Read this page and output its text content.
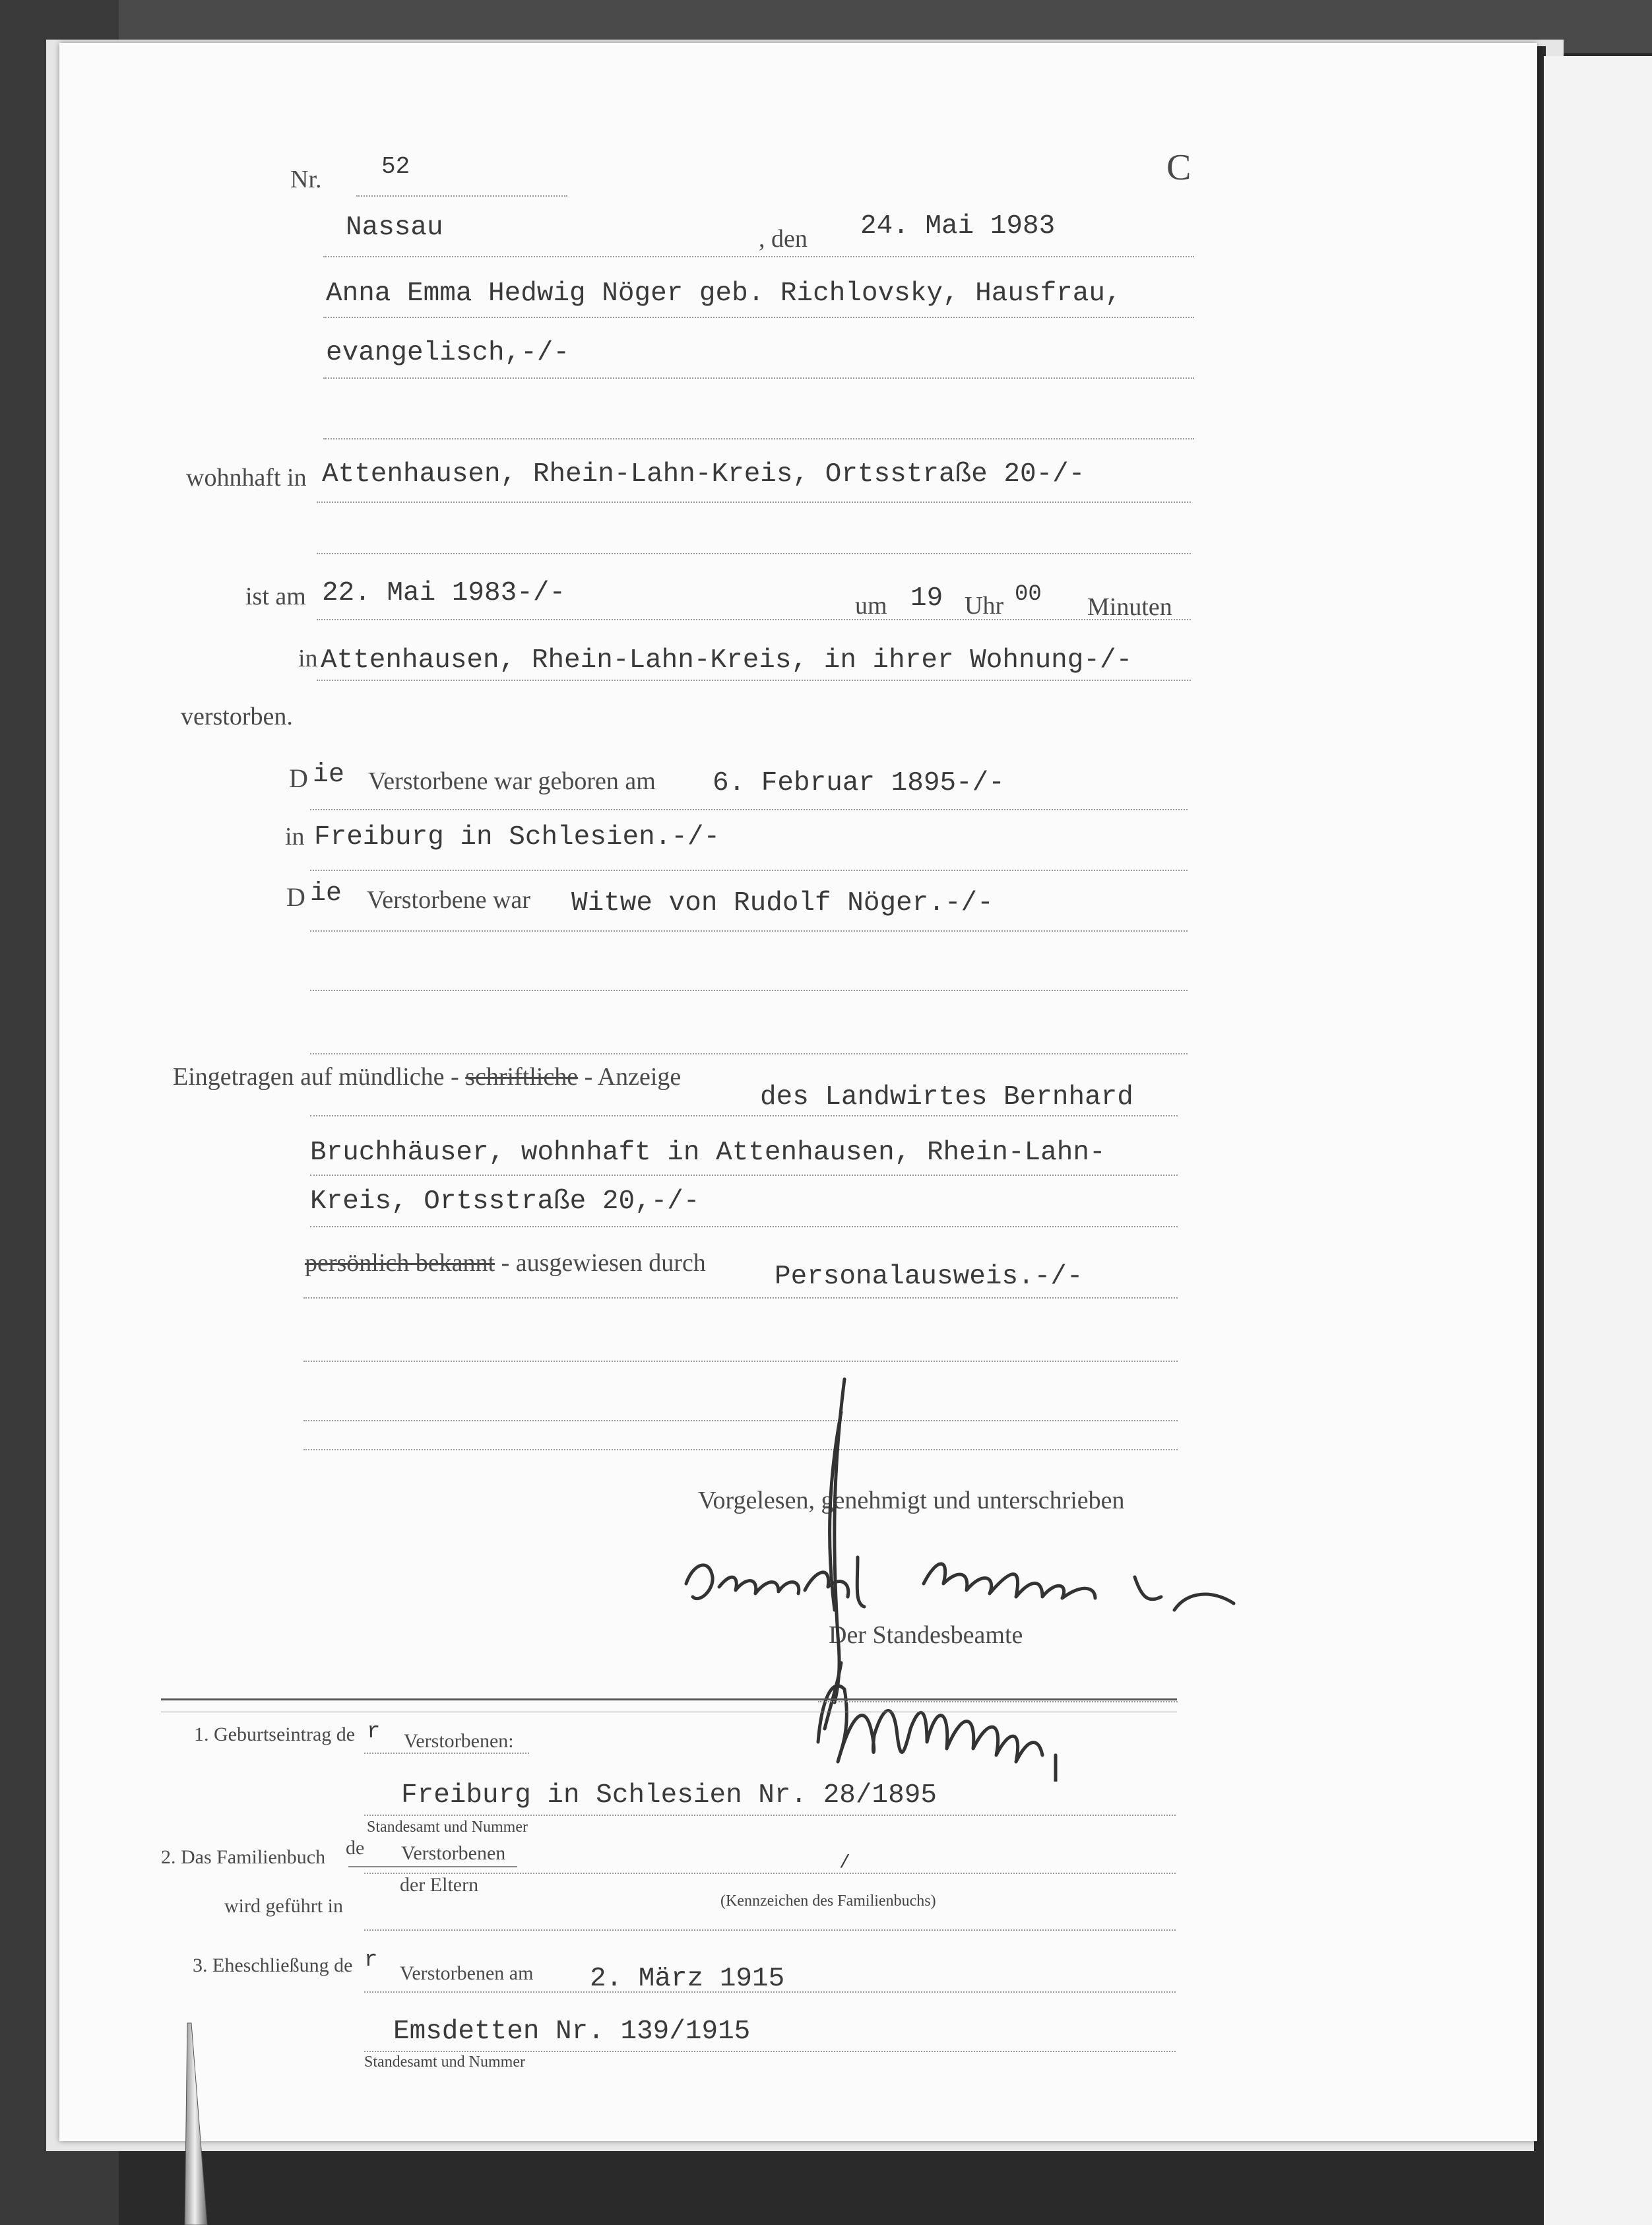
Nr.	52	C
Nassau	, den 24. Mai 1983
Anna Emma Hedwig Nöger geb. Richlovsky, Hausfrau,
evangelisch,-/-
wohnhaft in Attenhausen, Rhein-Lahn-Kreis, Ortsstraße 20-/-
ist am 22. Mai 1983-/-	um 19 Uhr 00 Minuten
in Attenhausen, Rhein-Lahn-Kreis, in ihrer Wohnung-/-
verstorben.
D ie Verstorbene war geboren am 6. Februar 1895-/-
in Freiburg in Schlesien.-/-
D ie Verstorbene war Witwe von Rudolf Nöger.-/-
Eingetragen auf mündliche - schriftliche - Anzeige
des Landwirtes Bernhard
Bruchhäuser, wohnhaft in Attenhausen, Rhein-Lahn-
Kreis, Ortsstraße 20,-/-
persönlich bekannt - ausgewiesen durch	Personalausweis.-/-
Vorgelesen, genehmigt und unterschrieben
Der Standesbeamte
1. Geburtseintrag de r Verstorbenen:
Freiburg in Schlesien Nr. 28/1895
Standesamt und Nummer
2. Das Familienbuch de Verstorbenen
der Eltern
/
(Kennzeichen des Familienbuchs)
wird geführt in
3. Eheschließung de r
Verstorbenen am 2. März 1915
Emsdetten Nr. 139/1915
Standesamt und Nummer
